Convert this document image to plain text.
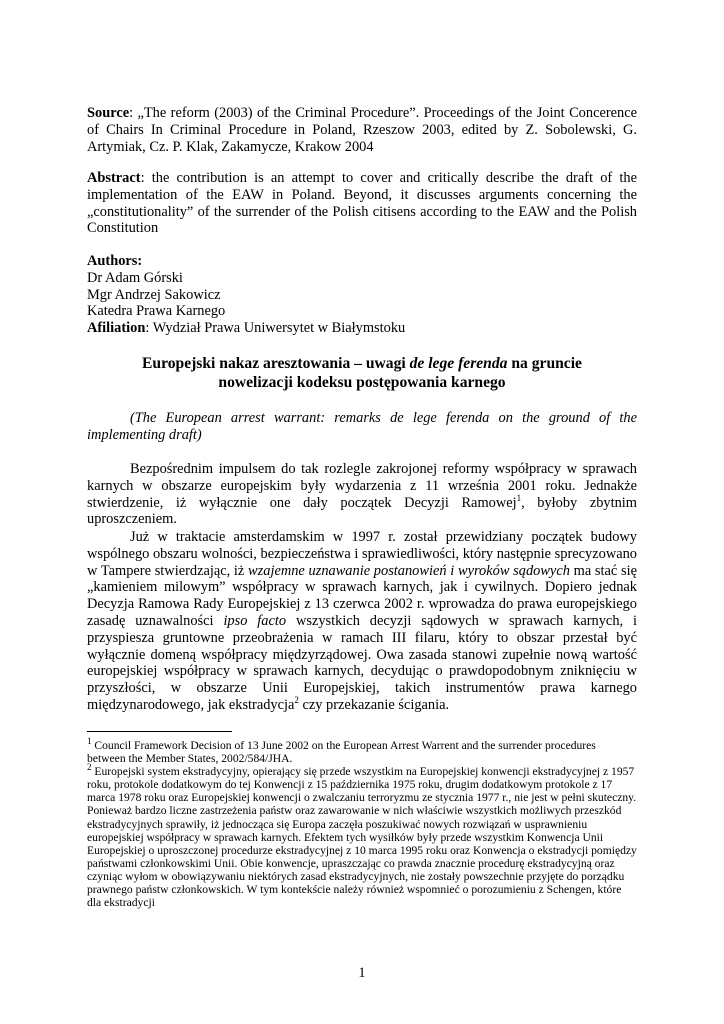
Source: „The reform (2003) of the Criminal Procedure”. Proceedings of the Joint Concerence of Chairs In Criminal Procedure in Poland, Rzeszow 2003, edited by Z. Sobolewski, G. Artymiak, Cz. P. Klak, Zakamycze, Krakow 2004

Abstract: the contribution is an attempt to cover and critically describe the draft of the implementation of the EAW in Poland. Beyond, it discusses arguments concerning the „constitutionality” of the surrender of the Polish citisens according to the EAW and the Polish Constitution

Authors:

Dr Adam Górski

Mgr Andrzej Sakowicz

Katedra Prawa Karnego

Afiliation: Wydział Prawa Uniwersytet w Białymstoku

Europejski nakaz aresztowania – uwagi de lege ferenda na gruncie
nowelizacji kodeksu postępowania karnego

(The European arrest warrant: remarks de lege ferenda on the ground of the implementing draft)

Bezpośrednim impulsem do tak rozlegle zakrojonej reformy współpracy w sprawach karnych w obszarze europejskim były wydarzenia z 11 września 2001 roku. Jednakże stwierdzenie, iż wyłącznie one dały początek Decyzji Ramowej$^1$, byłoby zbytnim uproszczeniem.

Już w traktacie amsterdamskim w 1997 r. został przewidziany początek budowy wspólnego obszaru wolności, bezpieczeństwa i sprawiedliwości, który następnie sprecyzowano w Tampere stwierdzając, iż wzajemne uznawanie postanowień i wyroków sądowych ma stać się „kamieniem milowym” współpracy w sprawach karnych, jak i cywilnych. Dopiero jednak Decyzja Ramowa Rady Europejskiej z 13 czerwca 2002 r. wprowadza do prawa europejskiego zasadę uznawalności ipso facto wszystkich decyzji sądowych w sprawach karnych, i przyspiesza gruntowne przeobrażenia w ramach III filaru, który to obszar przestał być wyłącznie domeną współpracy międzyrządowej. Owa zasada stanowi zupełnie nową wartość europejskiej współpracy w sprawach karnych, decydując o prawdopodobnym zniknięciu w przyszłości, w obszarze Unii Europejskiej, takich instrumentów prawa karnego międzynarodowego, jak ekstradycja$^2$ czy przekazanie ścigania.

$^1$ Council Framework Decision of 13 June 2002 on the European Arrest Warrent and the surrender procedures between the Member States, 2002/584/JHA.

$^2$ Europejski system ekstradycyjny, opierający się przede wszystkim na Europejskiej konwencji ekstradycyjnej z 1957 roku, protokole dodatkowym do tej Konwencji z 15 października 1975 roku, drugim dodatkowym protokole z 17 marca 1978 roku oraz Europejskiej konwencji o zwalczaniu terroryzmu ze stycznia 1977 r., nie jest w pełni skuteczny. Ponieważ bardzo liczne zastrzeżenia państw oraz zawarowanie w nich właściwie wszystkich możliwych przeszkód ekstradycyjnych sprawiły, iż jednocząca się Europa zaczęła poszukiwać nowych rozwiązań w usprawnieniu europejskiej współpracy w sprawach karnych. Efektem tych wysiłków były przede wszystkim Konwencja Unii Europejskiej o uproszczonej procedurze ekstradycyjnej z 10 marca 1995 roku oraz Konwencja o ekstradycji pomiędzy państwami członkowskimi Unii. Obie konwencje, upraszczając co prawda znacznie procedurę ekstradycyjną oraz czyniąc wyłom w obowiązywaniu niektórych zasad ekstradycyjnych, nie zostały powszechnie przyjęte do porządku prawnego państw członkowskich. W tym kontekście należy również wspomnieć o porozumieniu z Schengen, które dla ekstradycji

1
